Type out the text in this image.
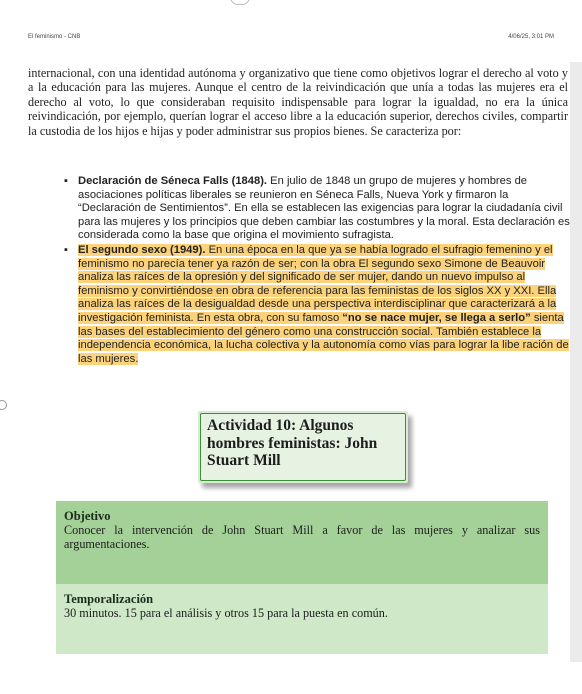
El feminismo - CNB	4/06/25, 3:01 PM
internacional, con una identidad autónoma y organizativo que tiene como objetivos lograr el derecho al voto y a la educación para las mujeres. Aunque el centro de la reivindicación que unía a todas las mujeres era el derecho al voto, lo que consideraban requisito indispensable para lograr la igualdad, no era la única reivindicación, por ejemplo, querían lograr el acceso libre a la educación superior, derechos civiles, compartir la custodia de los hijos e hijas y poder administrar sus propios bienes. Se caracteriza por:
▪ Declaración de Séneca Falls (1848). En julio de 1848 un grupo de mujeres y hombres de asociaciones políticas liberales se reunieron en Séneca Falls, Nueva York y firmaron la “Declaración de Sentimientos”. En ella se establecen las exigencias para lograr la ciudadanía civil para las mujeres y los principios que deben cambiar las costumbres y la moral. Esta declaración es considerada como la base que origina el movimiento sufragista.
▪ El segundo sexo (1949). En una época en la que ya se había logrado el sufragio femenino y el feminismo no parecía tener ya razón de ser; con la obra El segundo sexo Simone de Beauvoir analiza las raíces de la opresión y del significado de ser mujer, dando un nuevo impulso al feminismo y convirtiéndose en obra de referencia para las feministas de los siglos XX y XXI. Ella analiza las raíces de la desigualdad desde una perspectiva interdisciplinar que caracterizará a la investigación feminista. En esta obra, con su famoso “no se nace mujer, se llega a serlo” sienta las bases del establecimiento del género como una construcción social. También establece la independencia económica, la lucha colectiva y la autonomía como vías para lograr la libe ración de las mujeres.
Actividad 10: Algunos hombres feministas: John Stuart Mill
Objetivo
Conocer la intervención de John Stuart Mill a favor de las mujeres y analizar sus argumentaciones.
Temporalización
30 minutos. 15 para el análisis y otros 15 para la puesta en común.
